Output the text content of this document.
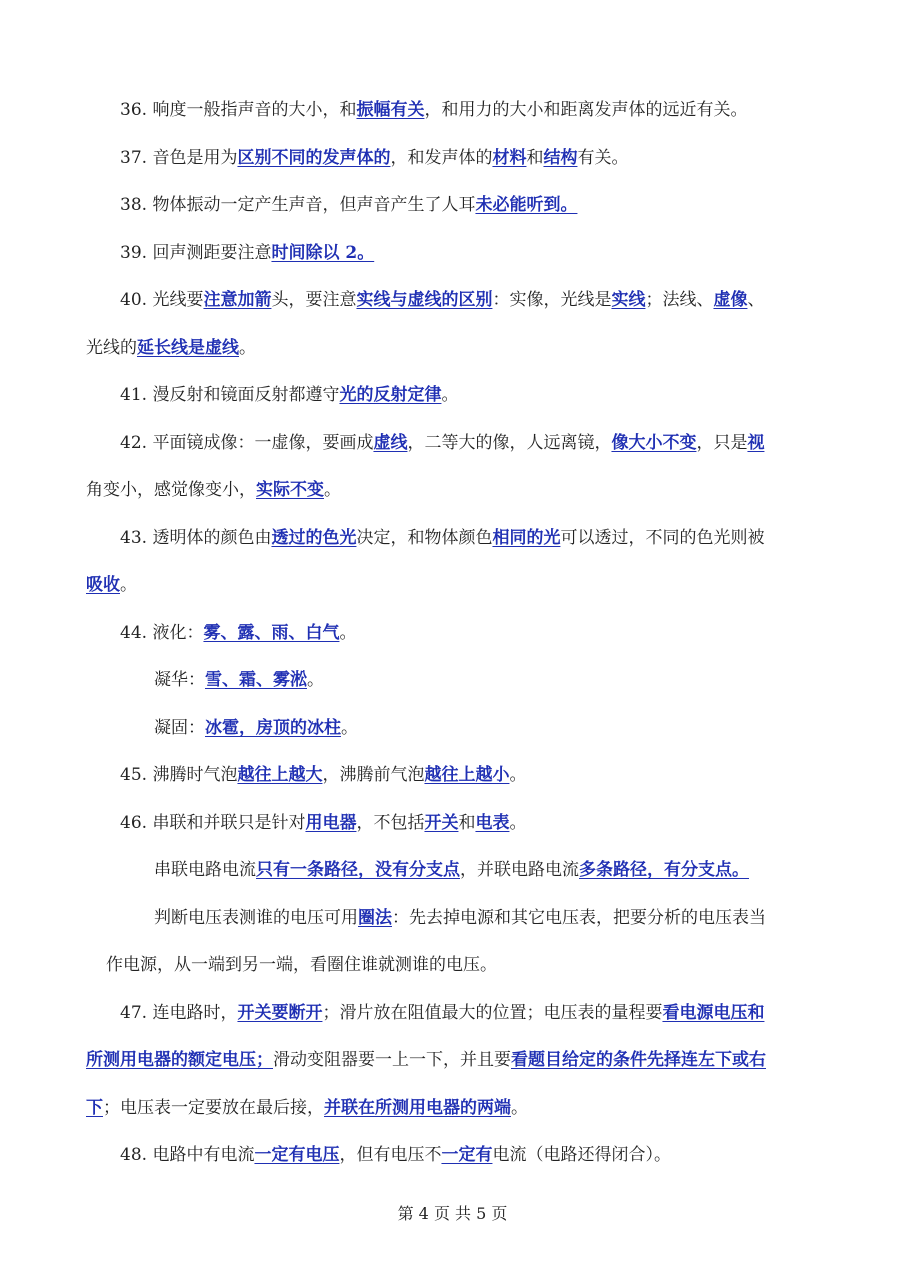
36. 响度一般指声音的大小，和振幅有关，和用力的大小和距离发声体的远近有关。
37. 音色是用为区别不同的发声体的，和发声体的材料和结构有关。
38. 物体振动一定产生声音，但声音产生了人耳未必能听到。
39. 回声测距要注意时间除以 2。
40. 光线要注意加箭头，要注意实线与虚线的区别：实像，光线是实线；法线、虚像、
光线的延长线是虚线。
41. 漫反射和镜面反射都遵守光的反射定律。
42. 平面镜成像：一虚像，要画成虚线，二等大的像，人远离镜，像大小不变，只是视
角变小，感觉像变小，实际不变。
43. 透明体的颜色由透过的色光决定，和物体颜色相同的光可以透过，不同的色光则被
吸收。
44. 液化：雾、露、雨、白气。
凝华：雪、霜、雾淞。
凝固：冰雹，房顶的冰柱。
45. 沸腾时气泡越往上越大，沸腾前气泡越往上越小。
46. 串联和并联只是针对用电器，不包括开关和电表。
串联电路电流只有一条路径，没有分支点，并联电路电流多条路径，有分支点。
判断电压表测谁的电压可用圈法：先去掉电源和其它电压表，把要分析的电压表当
作电源，从一端到另一端，看圈住谁就测谁的电压。
47. 连电路时，开关要断开；滑片放在阻值最大的位置；电压表的量程要看电源电压和
所测用电器的额定电压；滑动变阻器要一上一下，并且要看题目给定的条件先择连左下或右
下；电压表一定要放在最后接，并联在所测用电器的两端。
48. 电路中有电流一定有电压，但有电压不一定有电流（电路还得闭合）。
第 4 页 共 5 页
